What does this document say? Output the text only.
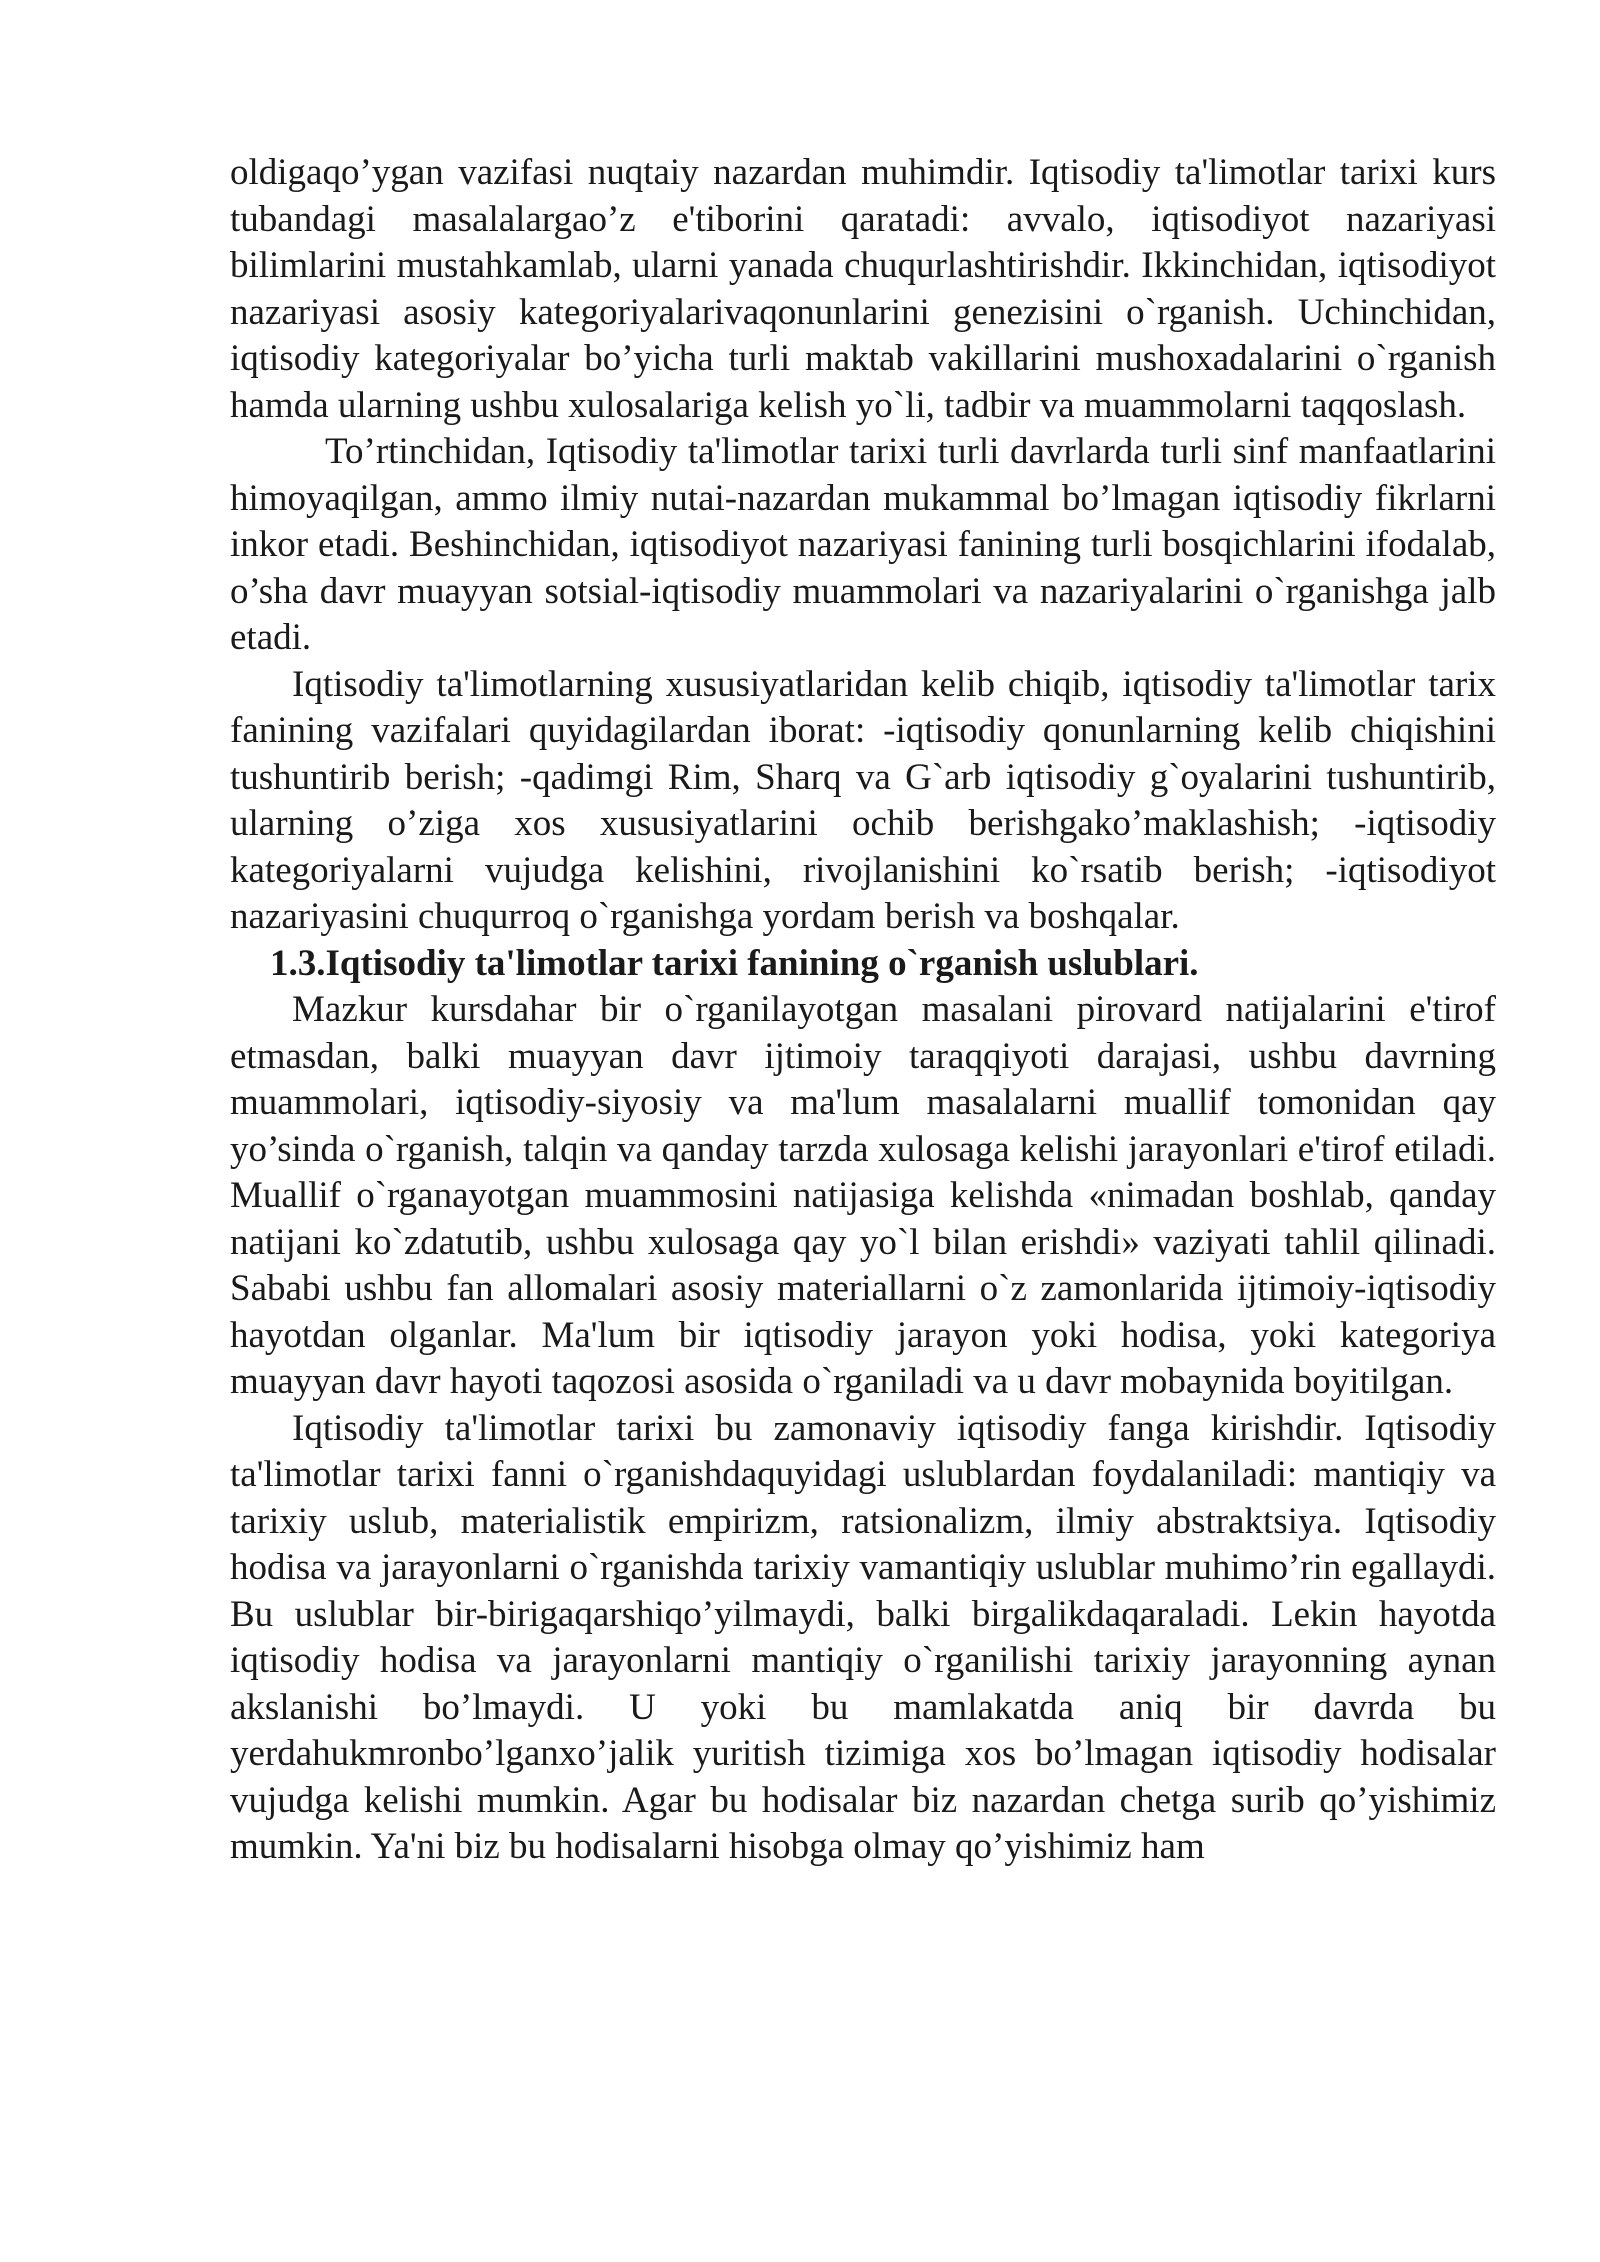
oldigaqo’ygan vazifasi nuqtaiy nazardan muhimdir. Iqtisodiy ta'limotlar tarixi kurs tubandagi masalalargao’z e'tiborini qaratadi: avvalo, iqtisodiyot nazariyasi bilimlarini mustahkamlab, ularni yanada chuqurlashtirishdir. Ikkinchidan, iqtisodiyot nazariyasi asosiy kategoriyalarivaqonunlarini genezisini o`rganish. Uchinchidan, iqtisodiy kategoriyalar bo’yicha turli maktab vakillarini mushoxadalarini o`rganish hamda ularning ushbu xulosalariga kelish yo`li, tadbir va muammolarni taqqoslash.

To’rtinchidan, Iqtisodiy ta'limotlar tarixi turli davrlarda turli sinf manfaatlarini himoyaqilgan, ammo ilmiy nutai-nazardan mukammal bo’lmagan iqtisodiy fikrlarni inkor etadi. Beshinchidan, iqtisodiyot nazariyasi fanining turli bosqichlarini ifodalab, o’sha davr muayyan sotsial-iqtisodiy muammolari va nazariyalarini o`rganishga jalb etadi.

Iqtisodiy ta'limotlarning xususiyatlaridan kelib chiqib, iqtisodiy ta'limotlar tarix fanining vazifalari quyidagilardan iborat: -iqtisodiy qonunlarning kelib chiqishini tushuntirib berish; -qadimgi Rim, Sharq va G`arb iqtisodiy g`oyalarini tushuntirib, ularning o’ziga xos xususiyatlarini ochib berishgako’maklashish; -iqtisodiy kategoriyalarni vujudga kelishini, rivojlanishini ko`rsatib berish; -iqtisodiyot nazariyasini chuqurroq o`rganishga yordam berish va boshqalar.

1.3.Iqtisodiy ta'limotlar tarixi fanining o`rganish uslublari.

Mazkur kursdahar bir o`rganilayotgan masalani pirovard natijalarini e'tirof etmasdan, balki muayyan davr ijtimoiy taraqqiyoti darajasi, ushbu davrning muammolari, iqtisodiy-siyosiy va ma'lum masalalarni muallif tomonidan qay yo’sinda o`rganish, talqin va qanday tarzda xulosaga kelishi jarayonlari e'tirof etiladi. Muallif o`rganayotgan muammosini natijasiga kelishda «nimadan boshlab, qanday natijani ko`zdatutib, ushbu xulosaga qay yo`l bilan erishdi» vaziyati tahlil qilinadi. Sababi ushbu fan allomalari asosiy materiallarni o`z zamonlarida ijtimoiy-iqtisodiy hayotdan olganlar. Ma'lum bir iqtisodiy jarayon yoki hodisa, yoki kategoriya muayyan davr hayoti taqozosi asosida o`rganiladi va u davr mobaynida boyitilgan.

Iqtisodiy ta'limotlar tarixi bu zamonaviy iqtisodiy fanga kirishdir. Iqtisodiy ta'limotlar tarixi fanni o`rganishdaquyidagi uslublardan foydalaniladi: mantiqiy va tarixiy uslub, materialistik empirizm, ratsionalizm, ilmiy abstraktsiya. Iqtisodiy hodisa va jarayonlarni o`rganishda tarixiy vamantiqiy uslublar muhimo’rin egallaydi. Bu uslublar bir-birigaqarshiqo’yilmaydi, balki birgalikdaqaraladi. Lekin hayotda iqtisodiy hodisa va jarayonlarni mantiqiy o`rganilishi tarixiy jarayonning aynan akslanishi bo’lmaydi. U yoki bu mamlakatda aniq bir davrda bu yerdahukmronbo’lganxo’jalik yuritish tizimiga xos bo’lmagan iqtisodiy hodisalar vujudga kelishi mumkin. Agar bu hodisalar biz nazardan chetga surib qo’yishimiz mumkin. Ya'ni biz bu hodisalarni hisobga olmay qo’yishimiz ham
